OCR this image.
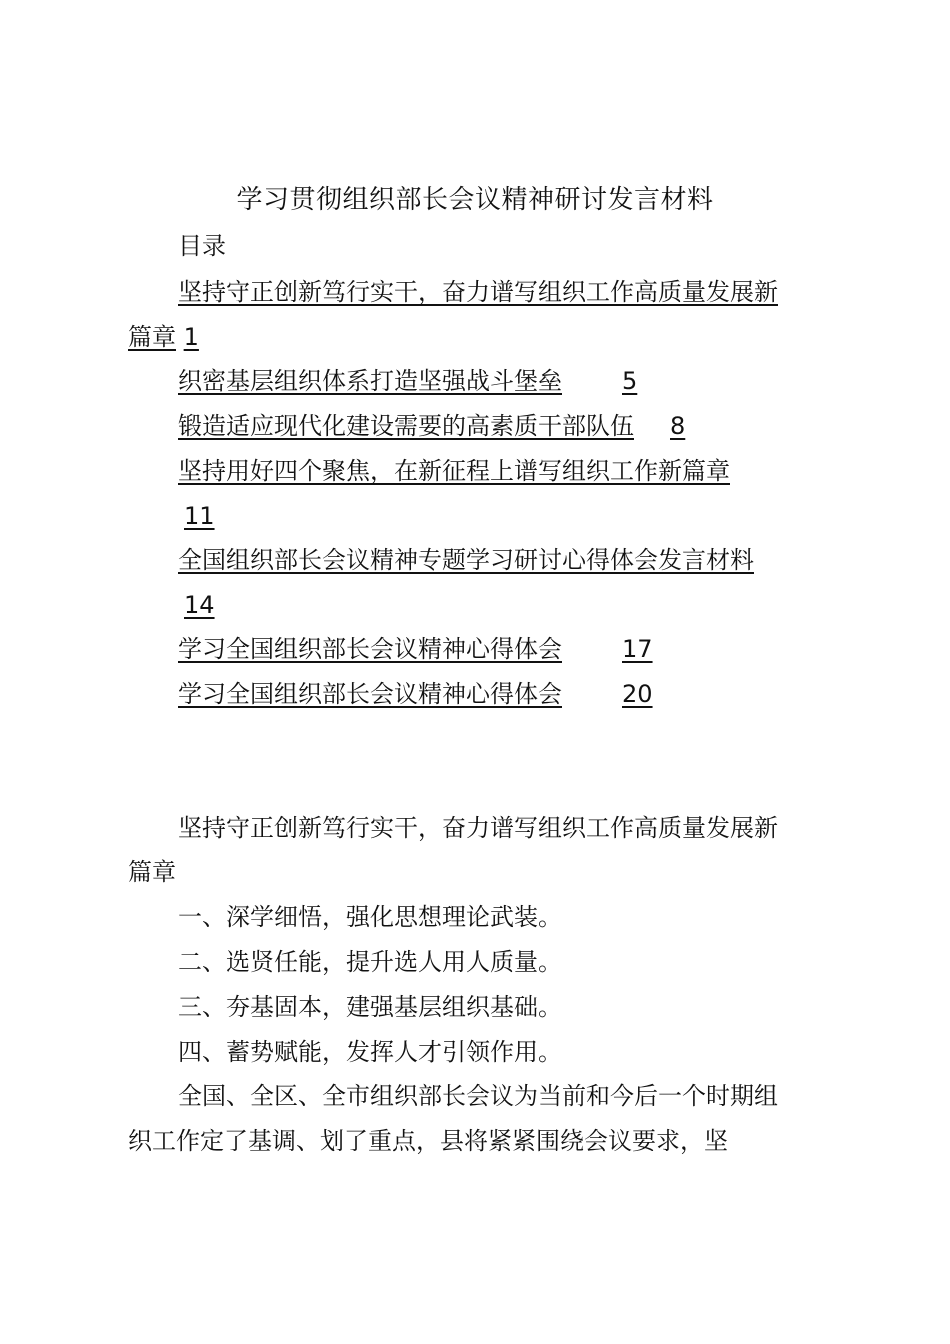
学习贯彻组织部长会议精神研讨发言材料
目录
坚持守正创新笃行实干，奋力谱写组织工作高质量发展新
篇章 1
织密基层组织体系打造坚强战斗堡垒	5
锻造适应现代化建设需要的高素质干部队伍 8
坚持用好四个聚焦，在新征程上谱写组织工作新篇章
11
全国组织部长会议精神专题学习研讨心得体会发言材料
14
学习全国组织部长会议精神心得体会	17
学习全国组织部长会议精神心得体会	20
坚持守正创新笃行实干，奋力谱写组织工作高质量发展新
篇章
一、深学细悟，强化思想理论武装。
二、选贤任能，提升选人用人质量。
三、夯基固本，建强基层组织基础。
四、蓄势赋能，发挥人才引领作用。
全国、全区、全市组织部长会议为当前和今后一个时期组
织工作定了基调、划了重点，县将紧紧围绕会议要求，坚
